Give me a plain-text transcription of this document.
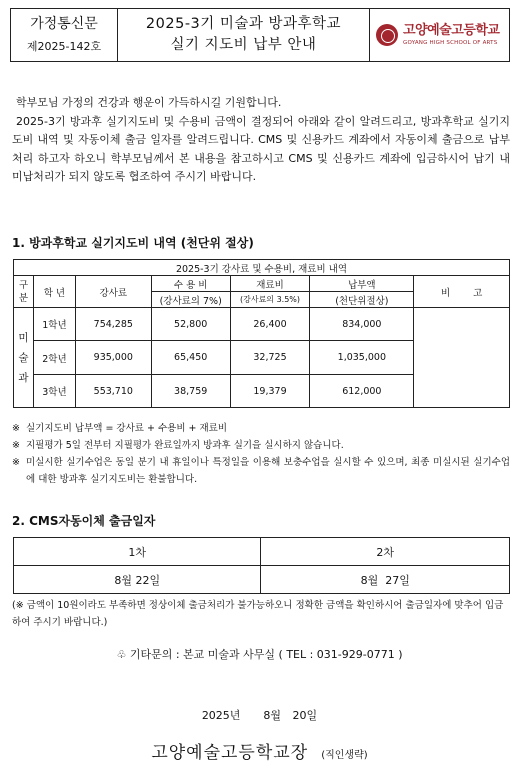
가정통신문
제2025-142호
2025-3기 미술과 방과후학교
실기 지도비 납부 안내
고양예술고등학교
GOYANG HIGH SCHOOL OF ARTS

학부모님 가정의 건강과 행운이 가득하시길 기원합니다.

2025-3기 방과후 실기지도비 및 수용비 금액이 결정되어 아래와 같이 알려드리고, 방과후학교 실기지도비 내역 및 자동이체 출금 일자를 알려드립니다. CMS 및 신용카드 계좌에서 자동이체 출금으로 납부처리 하고자 하오니 학부모님께서 본 내용을 참고하시고 CMS 및 신용카드 계좌에 입금하시어 납기 내 미납처리가 되지 않도록 협조하여 주시기 바랍니다.

1. 방과후학교 실기지도비 내역 (천단위 절상)
2025-3기 강사료 및 수용비, 재료비 내역						
구분	학 년	강사료	수 용 비	재료비	납부액	비 고
			(강사료의 7%)	(강사료의 3.5%)	(천단위절상)	
미술과	1학년	754,285	52,800	26,400	834,000	
	2학년	935,000	65,450	32,725	1,035,000	
	3학년	553,710	38,759	19,379	612,000	
※ 실기지도비 납부액 = 강사료 + 수용비 + 재료비
※ 지필평가 5일 전부터 지필평가 완료일까지 방과후 실기을 실시하지 않습니다.
※ 미실시한 실기수업은 동일 분기 내 휴일이나 특정일을 이용해 보충수업을 실시할 수 있으며, 최종 미실시된 실기수업에 대한 방과후 실기지도비는 환불합니다.
2. CMS자동이체 출금일자
1차	2차
8월 22일	8월  27일
(※ 금액이 10원이라도 부족하면 정상이체 출금처리가 불가능하오니 정확한 금액을 확인하시어 출금일자에 맞추어 입금하여 주시기 바랍니다.)
♧ 기타문의 : 본교 미술과 사무실 ( TEL : 031-929-0771 )
2025년  8월 20일
고양예술고등학교장 (직인생략)
